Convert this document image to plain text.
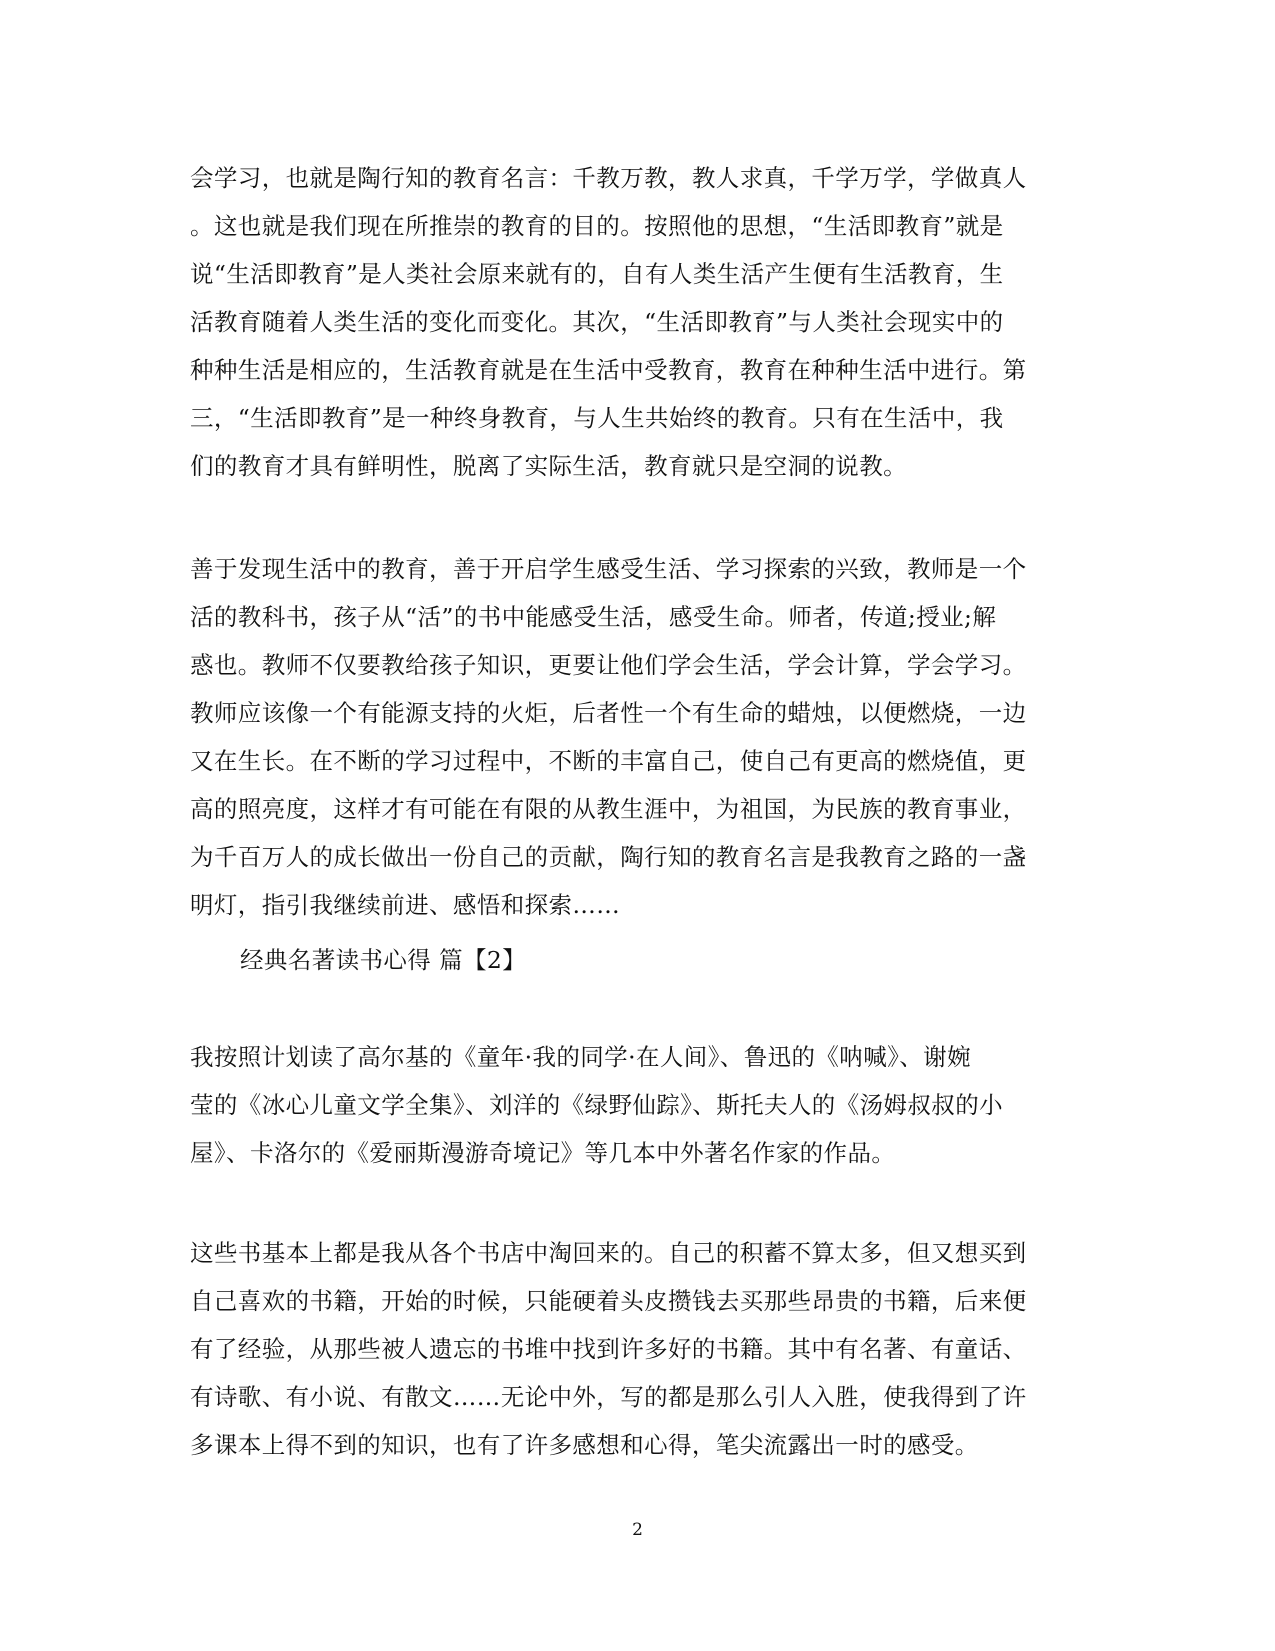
会学习，也就是陶行知的教育名言：千教万教，教人求真，千学万学，学做真人
。这也就是我们现在所推崇的教育的目的。按照他的思想，“生活即教育”就是
说“生活即教育”是人类社会原来就有的，自有人类生活产生便有生活教育，生
活教育随着人类生活的变化而变化。其次，“生活即教育”与人类社会现实中的
种种生活是相应的，生活教育就是在生活中受教育，教育在种种生活中进行。第
三，“生活即教育”是一种终身教育，与人生共始终的教育。只有在生活中，我
们的教育才具有鲜明性，脱离了实际生活，教育就只是空洞的说教。
善于发现生活中的教育，善于开启学生感受生活、学习探索的兴致，教师是一个
活的教科书，孩子从“活”的书中能感受生活，感受生命。师者，传道;授业;解
惑也。教师不仅要教给孩子知识，更要让他们学会生活，学会计算，学会学习。
教师应该像一个有能源支持的火炬，后者性一个有生命的蜡烛，以便燃烧，一边
又在生长。在不断的学习过程中，不断的丰富自己，使自己有更高的燃烧值，更
高的照亮度，这样才有可能在有限的从教生涯中，为祖国，为民族的教育事业，
为千百万人的成长做出一份自己的贡献，陶行知的教育名言是我教育之路的一盏
明灯，指引我继续前进、感悟和探索……
经典名著读书心得 篇【2】
我按照计划读了高尔基的《童年·我的同学·在人间》、鲁迅的《呐喊》、谢婉
莹的《冰心儿童文学全集》、刘洋的《绿野仙踪》、斯托夫人的《汤姆叔叔的小
屋》、卡洛尔的《爱丽斯漫游奇境记》等几本中外著名作家的作品。
这些书基本上都是我从各个书店中淘回来的。自己的积蓄不算太多，但又想买到
自己喜欢的书籍，开始的时候，只能硬着头皮攒钱去买那些昂贵的书籍，后来便
有了经验，从那些被人遗忘的书堆中找到许多好的书籍。其中有名著、有童话、
有诗歌、有小说、有散文……无论中外，写的都是那么引人入胜，使我得到了许
多课本上得不到的知识，也有了许多感想和心得，笔尖流露出一时的感受。
2
